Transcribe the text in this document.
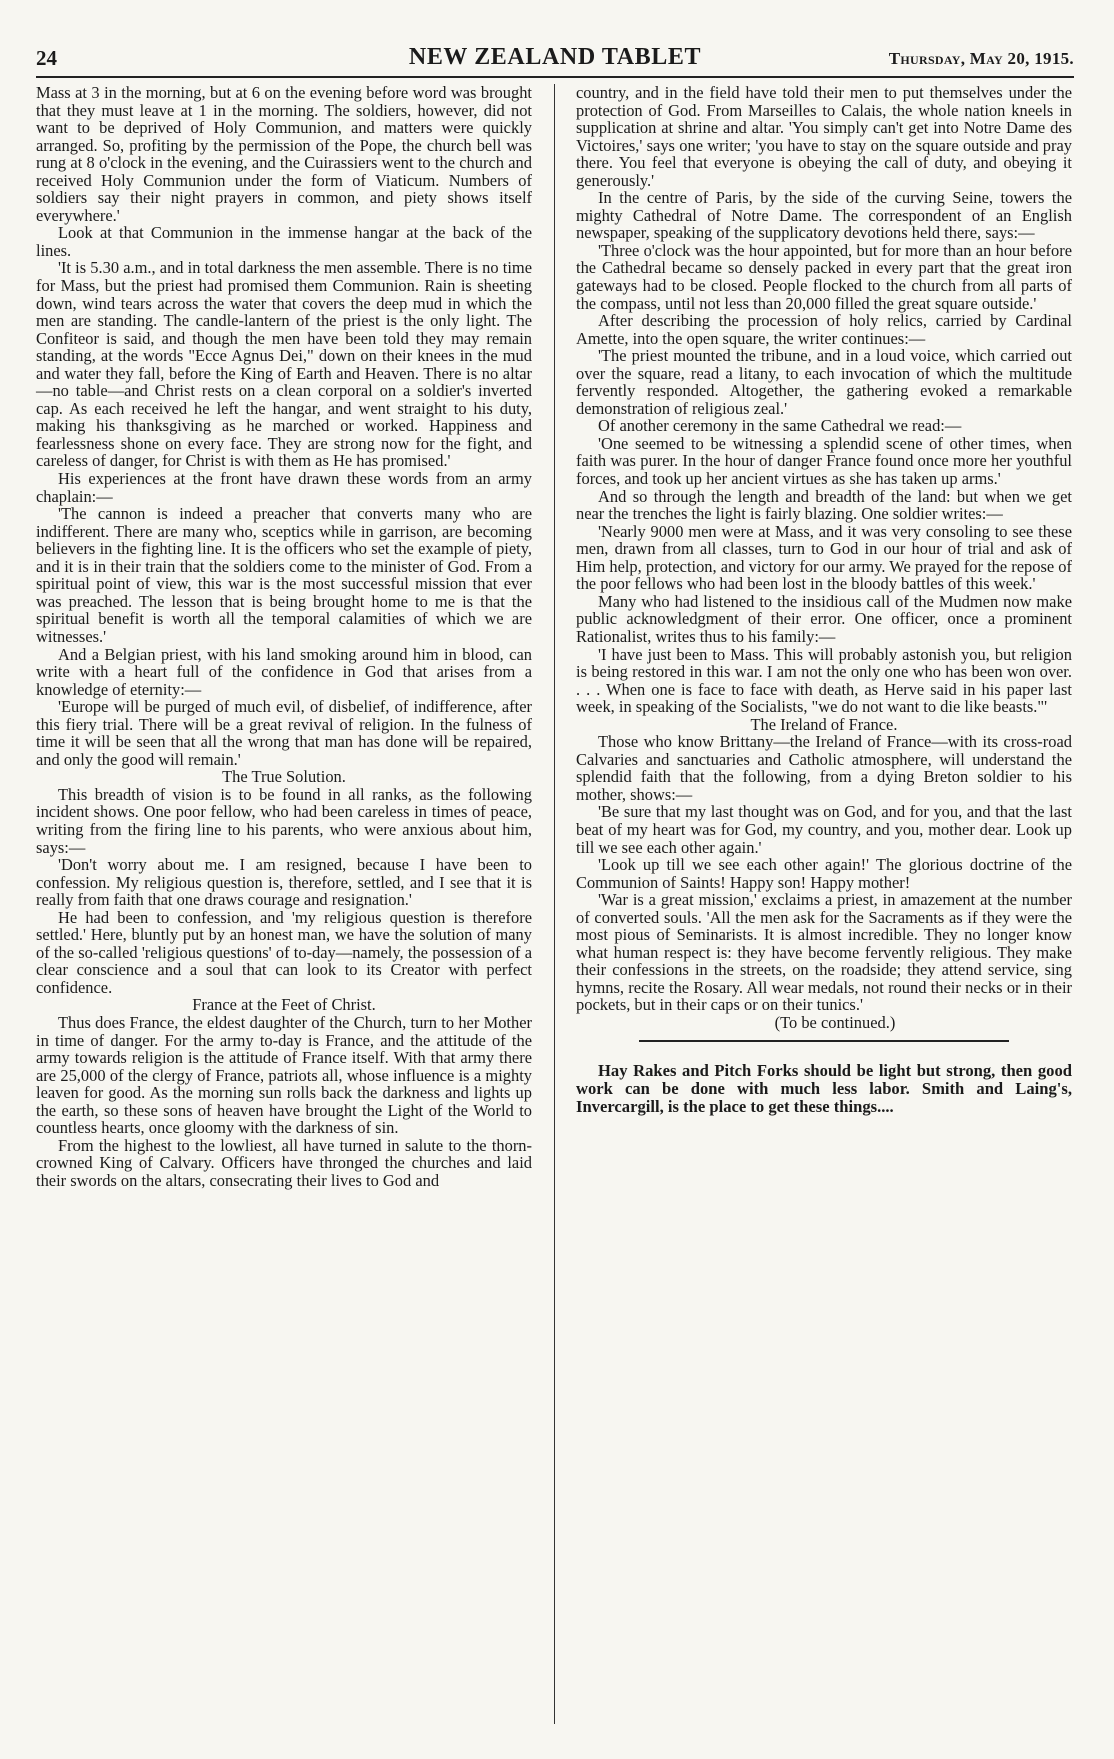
24	NEW ZEALAND TABLET	Thursday, May 20, 1915.

Mass at 3 in the morning, but at 6 on the evening before word was brought that they must leave at 1 in the morning. The soldiers, however, did not want to be deprived of Holy Communion, and matters were quickly arranged. So, profiting by the permission of the Pope, the church bell was rung at 8 o'clock in the evening, and the Cuirassiers went to the church and received Holy Communion under the form of Viaticum. Numbers of soldiers say their night prayers in common, and piety shows itself everywhere.'

Look at that Communion in the immense hangar at the back of the lines.

'It is 5.30 a.m., and in total darkness the men assemble. There is no time for Mass, but the priest had promised them Communion. Rain is sheeting down, wind tears across the water that covers the deep mud in which the men are standing. The candle-lantern of the priest is the only light. The Confiteor is said, and though the men have been told they may remain standing, at the words "Ecce Agnus Dei," down on their knees in the mud and water they fall, before the King of Earth and Heaven. There is no altar—no table—and Christ rests on a clean corporal on a soldier's inverted cap. As each received he left the hangar, and went straight to his duty, making his thanksgiving as he marched or worked. Happiness and fearlessness shone on every face. They are strong now for the fight, and careless of danger, for Christ is with them as He has promised.'

His experiences at the front have drawn these words from an army chaplain:—

'The cannon is indeed a preacher that converts many who are indifferent. There are many who, sceptics while in garrison, are becoming believers in the fighting line. It is the officers who set the example of piety, and it is in their train that the soldiers come to the minister of God. From a spiritual point of view, this war is the most successful mission that ever was preached. The lesson that is being brought home to me is that the spiritual benefit is worth all the temporal calamities of which we are witnesses.'

And a Belgian priest, with his land smoking around him in blood, can write with a heart full of the confidence in God that arises from a knowledge of eternity:—

'Europe will be purged of much evil, of disbelief, of indifference, after this fiery trial. There will be a great revival of religion. In the fulness of time it will be seen that all the wrong that man has done will be repaired, and only the good will remain.'

The True Solution.

This breadth of vision is to be found in all ranks, as the following incident shows. One poor fellow, who had been careless in times of peace, writing from the firing line to his parents, who were anxious about him, says:—

'Don't worry about me. I am resigned, because I have been to confession. My religious question is, therefore, settled, and I see that it is really from faith that one draws courage and resignation.'

He had been to confession, and 'my religious question is therefore settled.' Here, bluntly put by an honest man, we have the solution of many of the so-called 'religious questions' of to-day—namely, the possession of a clear conscience and a soul that can look to its Creator with perfect confidence.

France at the Feet of Christ.

Thus does France, the eldest daughter of the Church, turn to her Mother in time of danger. For the army to-day is France, and the attitude of the army towards religion is the attitude of France itself. With that army there are 25,000 of the clergy of France, patriots all, whose influence is a mighty leaven for good. As the morning sun rolls back the darkness and lights up the earth, so these sons of heaven have brought the Light of the World to countless hearts, once gloomy with the darkness of sin.

From the highest to the lowliest, all have turned in salute to the thorn-crowned King of Calvary. Officers have thronged the churches and laid their swords on the altars, consecrating their lives to God and

country, and in the field have told their men to put themselves under the protection of God. From Marseilles to Calais, the whole nation kneels in supplication at shrine and altar. 'You simply can't get into Notre Dame des Victoires,' says one writer; 'you have to stay on the square outside and pray there. You feel that everyone is obeying the call of duty, and obeying it generously.'

In the centre of Paris, by the side of the curving Seine, towers the mighty Cathedral of Notre Dame. The correspondent of an English newspaper, speaking of the supplicatory devotions held there, says:—

'Three o'clock was the hour appointed, but for more than an hour before the Cathedral became so densely packed in every part that the great iron gateways had to be closed. People flocked to the church from all parts of the compass, until not less than 20,000 filled the great square outside.'

After describing the procession of holy relics, carried by Cardinal Amette, into the open square, the writer continues:—

'The priest mounted the tribune, and in a loud voice, which carried out over the square, read a litany, to each invocation of which the multitude fervently responded. Altogether, the gathering evoked a remarkable demonstration of religious zeal.'

Of another ceremony in the same Cathedral we read:—

'One seemed to be witnessing a splendid scene of other times, when faith was purer. In the hour of danger France found once more her youthful forces, and took up her ancient virtues as she has taken up arms.'

And so through the length and breadth of the land: but when we get near the trenches the light is fairly blazing. One soldier writes:—

'Nearly 9000 men were at Mass, and it was very consoling to see these men, drawn from all classes, turn to God in our hour of trial and ask of Him help, protection, and victory for our army. We prayed for the repose of the poor fellows who had been lost in the bloody battles of this week.'

Many who had listened to the insidious call of the Mudmen now make public acknowledgment of their error. One officer, once a prominent Rationalist, writes thus to his family:—

'I have just been to Mass. This will probably astonish you, but religion is being restored in this war. I am not the only one who has been won over. . . . When one is face to face with death, as Herve said in his paper last week, in speaking of the Socialists, "we do not want to die like beasts."'

The Ireland of France.

Those who know Brittany—the Ireland of France—with its cross-road Calvaries and sanctuaries and Catholic atmosphere, will understand the splendid faith that the following, from a dying Breton soldier to his mother, shows:—

'Be sure that my last thought was on God, and for you, and that the last beat of my heart was for God, my country, and you, mother dear. Look up till we see each other again.'

'Look up till we see each other again!' The glorious doctrine of the Communion of Saints! Happy son! Happy mother!

'War is a great mission,' exclaims a priest, in amazement at the number of converted souls. 'All the men ask for the Sacraments as if they were the most pious of Seminarists. It is almost incredible. They no longer know what human respect is: they have become fervently religious. They make their confessions in the streets, on the roadside; they attend service, sing hymns, recite the Rosary. All wear medals, not round their necks or in their pockets, but in their caps or on their tunics.'

(To be continued.)

Hay Rakes and Pitch Forks should be light but strong, then good work can be done with much less labor. Smith and Laing's, Invercargill, is the place to get these things....
